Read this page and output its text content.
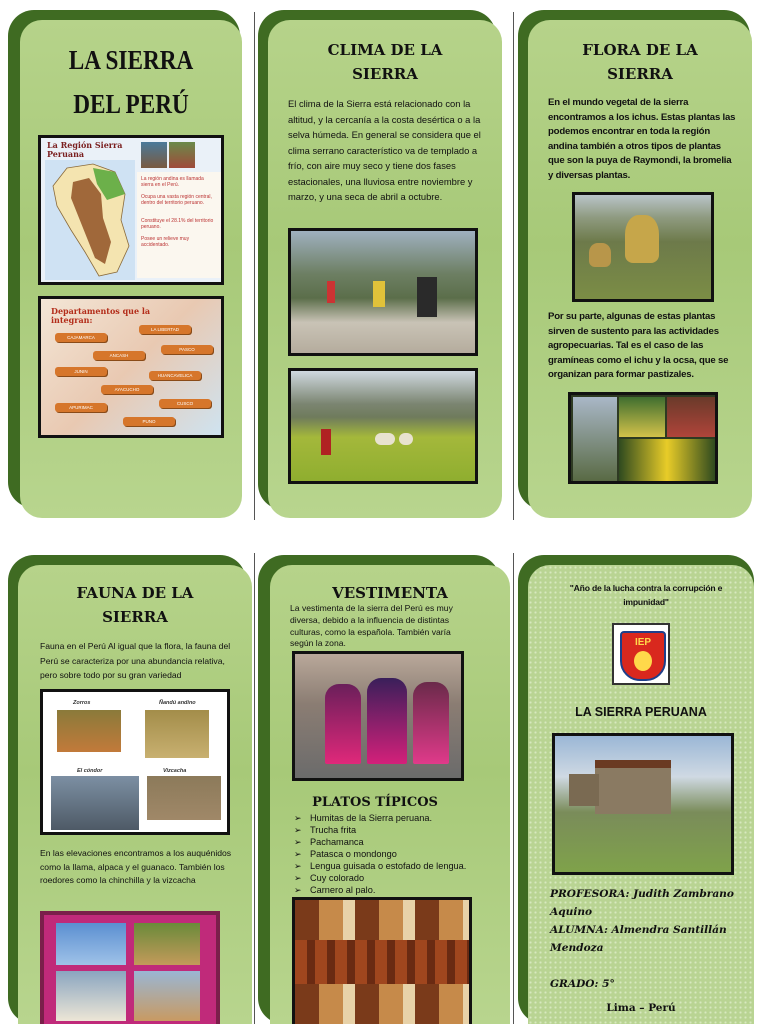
LA SIERRA DEL PERÚ
La Región Sierra Peruana
La región andina es llamada sierra en el Perú.
Ocupa una vasta región central, dentro del territorio peruano.
Constituye el 28.1% del territorio peruano.
Posee un relieve muy accidentado.
Departamentos que la integran:
CAJAMARCA
LA LIBERTAD
ANCASH
PASCO
JUNIN
HUANCAVELICA
AYACUCHO
APURIMAC
CUSCO
PUNO
CLIMA DE LA SIERRA
El clima de la Sierra está relacionado con la altitud, y la cercanía a la costa desértica o a la selva húmeda. En general se considera que el clima serrano característico va de templado a frío, con aire muy seco y tiene dos fases estacionales, una lluviosa entre noviembre y marzo, y una seca de abril a octubre.
FLORA DE LA SIERRA
En el mundo vegetal de la sierra encontramos a los ichus. Estas plantas las podemos encontrar en toda la región andina también a otros tipos de plantas que son la puya de Raymondi, la bromelia y diversas plantas.
Por su parte, algunas de estas plantas sirven de sustento para las actividades agropecuarias. Tal es el caso de las gramíneas como el ichu y la ocsa, que se organizan para formar pastizales.
FAUNA DE LA SIERRA
Fauna en el Perú Al igual que la flora, la fauna del Perú se caracteriza por una abundancia relativa, pero sobre todo por su gran variedad
Zorros	Ñandú andino
El cóndor	Vizcacha
En las elevaciones encontramos a los auquénidos como la llama, alpaca y el guanaco. También los roedores como la chinchilla y la vizcacha
VESTIMENTA
La vestimenta de la sierra del Perú es muy diversa, debido a la influencia de distintas culturas, como la española. También varía según la zona.
PLATOS TÍPICOS
➢ Humitas de la Sierra peruana.
➢ Trucha frita
➢ Pachamanca
➢ Patasca o mondongo
➢ Lengua guisada o estofado de lengua.
➢ Cuy colorado
➢ Carnero al palo.
"Año de la lucha contra la corrupción e impunidad"
IEP
LA SIERRA PERUANA
PROFESORA: Judith Zambrano Aquino
ALUMNA: Almendra Santillán Mendoza
GRADO: 5°
Lima – Perú
